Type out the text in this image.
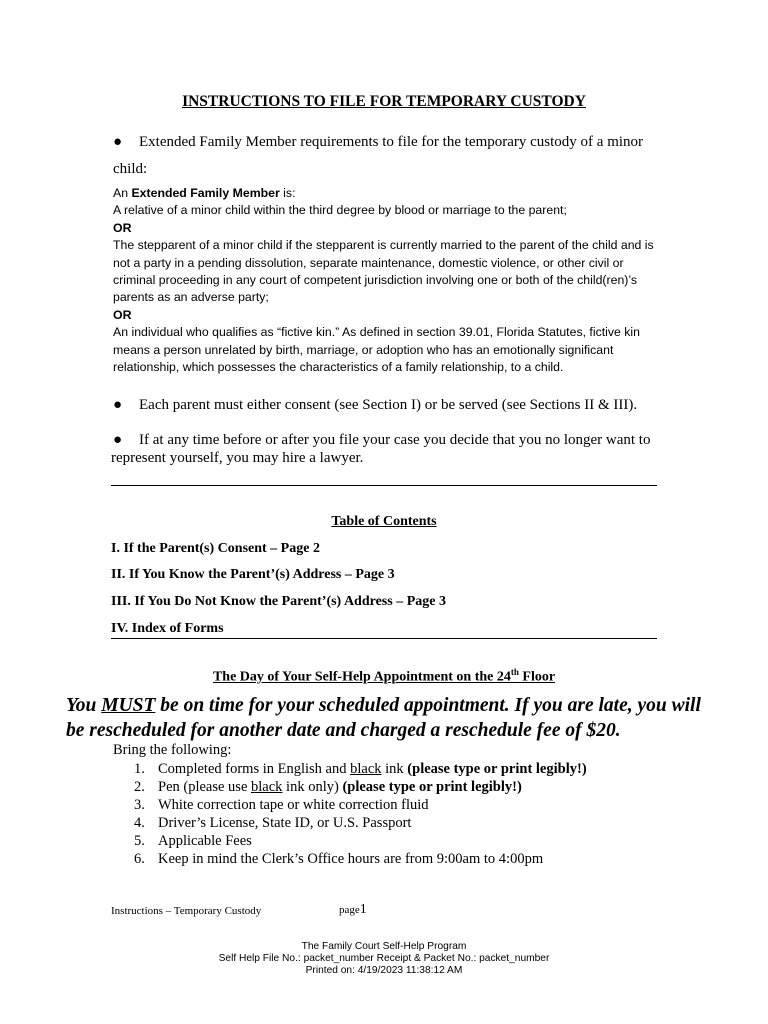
INSTRUCTIONS TO FILE FOR TEMPORARY CUSTODY
● Extended Family Member requirements to file for the temporary custody of a minor
child:

An Extended Family Member is:

A relative of a minor child within the third degree by blood or marriage to the parent;

OR

The stepparent of a minor child if the stepparent is currently married to the parent of the child and is not a party in a pending dissolution, separate maintenance, domestic violence, or other civil or criminal proceeding in any court of competent jurisdiction involving one or both of the child(ren)’s parents as an adverse party;

OR

An individual who qualifies as “fictive kin.” As defined in section 39.01, Florida Statutes, fictive kin means a person unrelated by birth, marriage, or adoption who has an emotionally significant relationship, which possesses the characteristics of a family relationship, to a child.

● Each parent must either consent (see Section I) or be served (see Sections II & III).
● If at any time before or after you file your case you decide that you no longer want to
represent yourself, you may hire a lawyer.
Table of Contents
I. If the Parent(s) Consent – Page 2
II. If You Know the Parent’(s) Address – Page 3
III. If You Do Not Know the Parent’(s) Address – Page 3
IV. Index of Forms
The Day of Your Self-Help Appointment on the 24th Floor
You MUST be on time for your scheduled appointment. If you are late, you will be rescheduled for another date and charged a reschedule fee of $20.
Bring the following:
1. Completed forms in English and black ink (please type or print legibly!)
2. Pen (please use black ink only) (please type or print legibly!)
3. White correction tape or white correction fluid
4. Driver’s License, State ID, or U.S. Passport
5. Applicable Fees
6. Keep in mind the Clerk’s Office hours are from 9:00am to 4:00pm
Instructions – Temporary Custody	page1
The Family Court Self-Help Program
Self Help File No.: packet_number Receipt & Packet No.: packet_number
Printed on: 4/19/2023 11:38:12 AM
